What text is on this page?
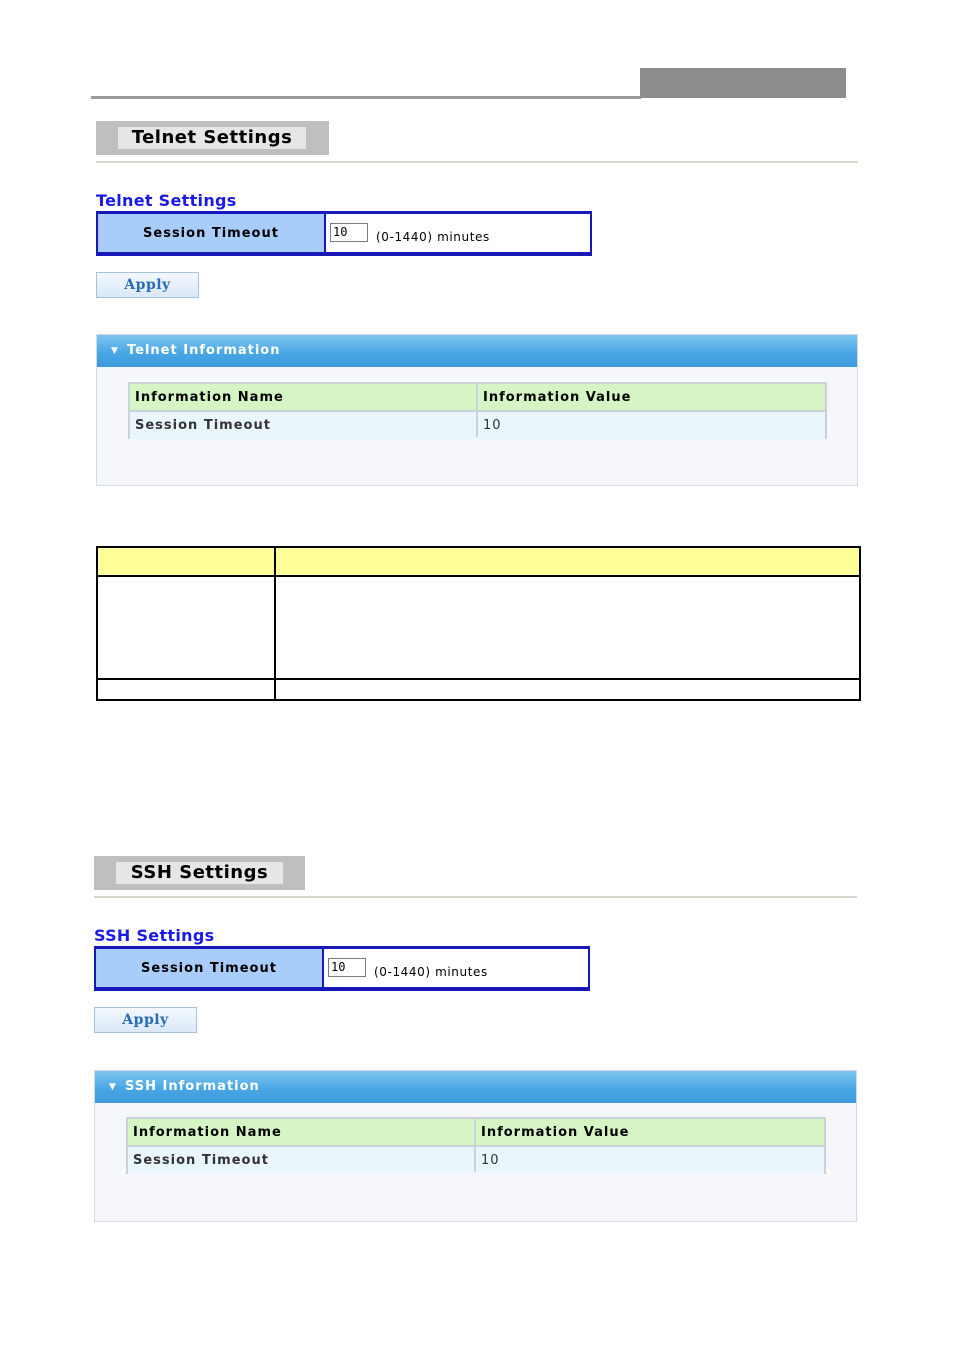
Telnet Settings
Telnet Settings
Session Timeout	10	(0-1440) minutes
Apply
▼ Telnet Information
Information Name	Information Value
Session Timeout	10
SSH Settings
SSH Settings
Session Timeout	10	(0-1440) minutes
Apply
▼ SSH Information
Information Name	Information Value
Session Timeout	10
